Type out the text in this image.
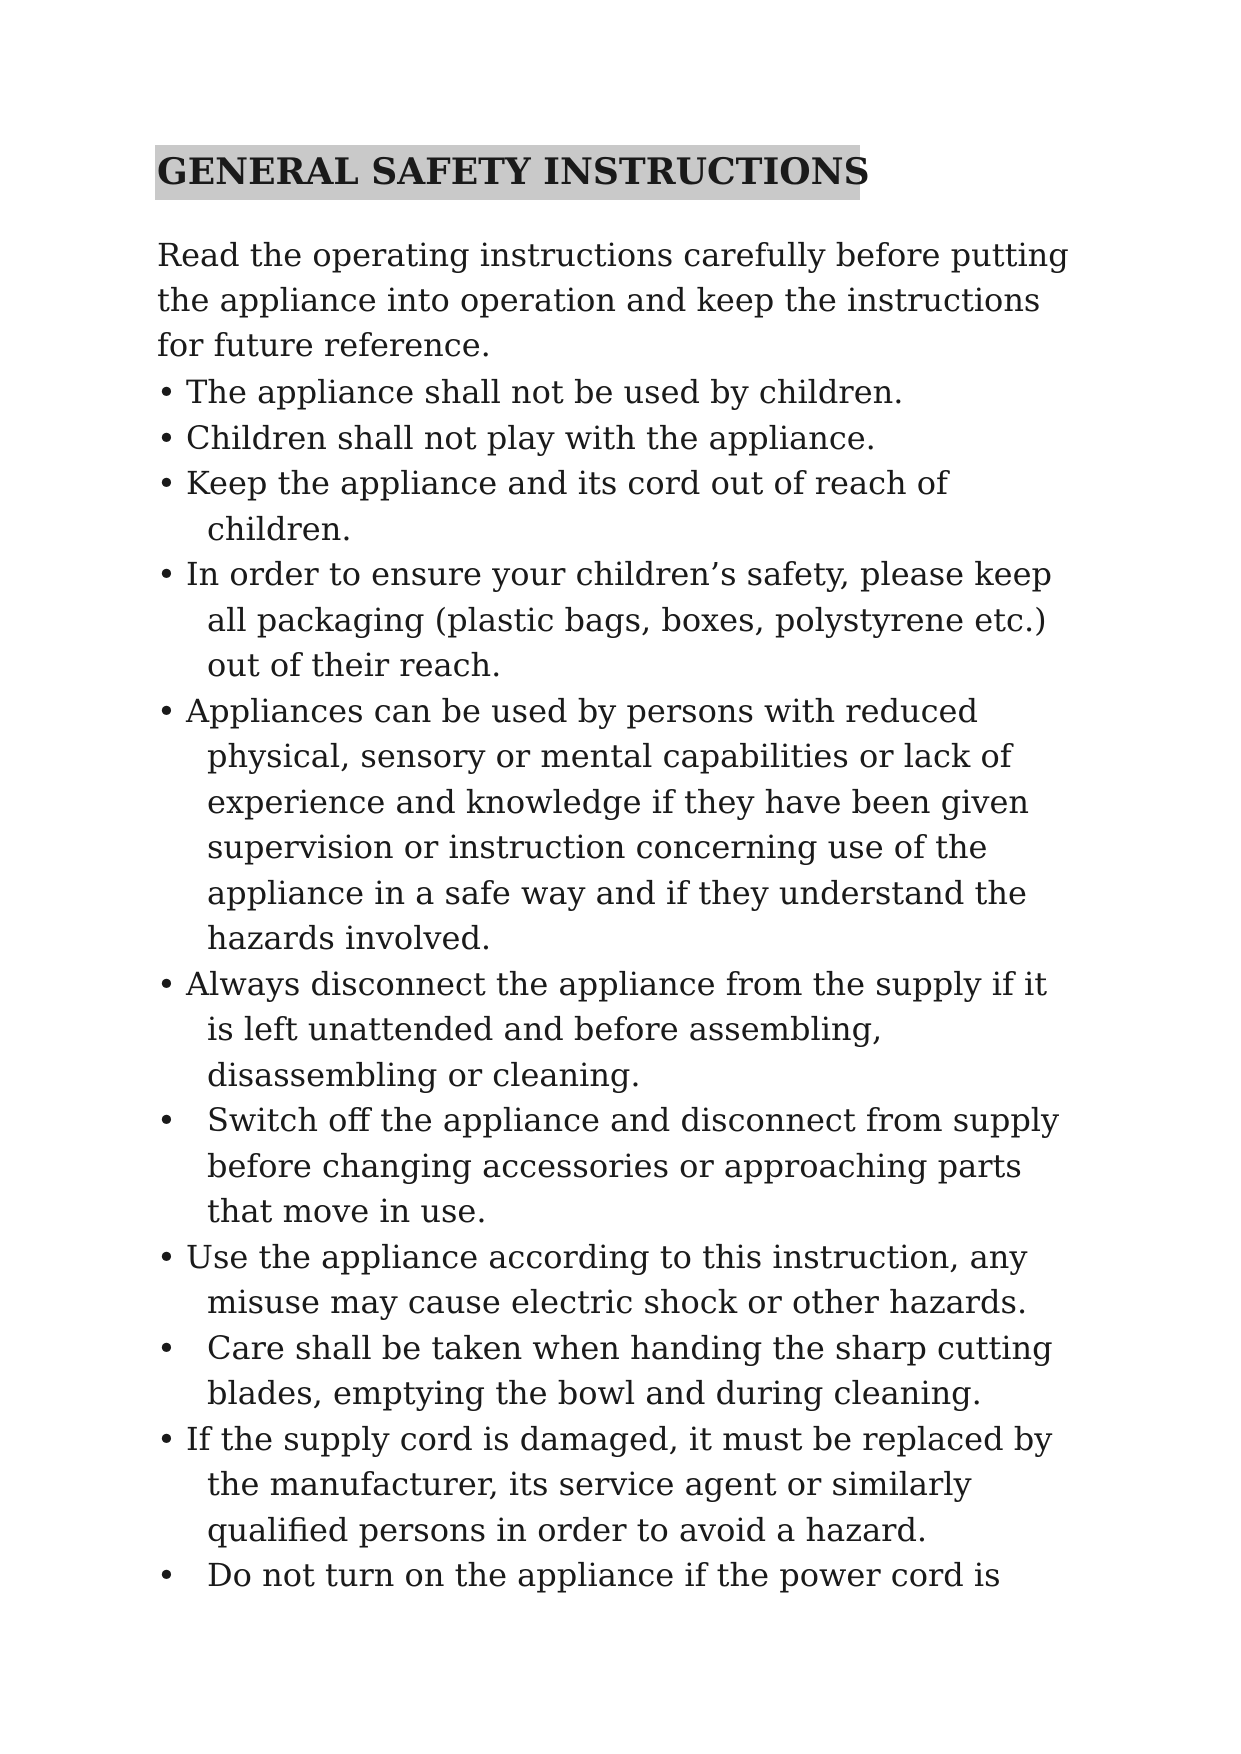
GENERAL SAFETY INSTRUCTIONS
Read the operating instructions carefully before putting
the appliance into operation and keep the instructions
for future reference.
• The appliance shall not be used by children.
• Children shall not play with the appliance.
• Keep the appliance and its cord out of reach of
children.
• In order to ensure your children’s safety, please keep
all packaging (plastic bags, boxes, polystyrene etc.)
out of their reach.
• Appliances can be used by persons with reduced
physical, sensory or mental capabilities or lack of
experience and knowledge if they have been given
supervision or instruction concerning use of the
appliance in a safe way and if they understand the
hazards involved.
• Always disconnect the appliance from the supply if it
is left unattended and before assembling,
disassembling or cleaning.
• Switch off the appliance and disconnect from supply
before changing accessories or approaching parts
that move in use.
• Use the appliance according to this instruction, any
misuse may cause electric shock or other hazards.
• Care shall be taken when handing the sharp cutting
blades, emptying the bowl and during cleaning.
• If the supply cord is damaged, it must be replaced by
the manufacturer, its service agent or similarly
qualified persons in order to avoid a hazard.
• Do not turn on the appliance if the power cord is
